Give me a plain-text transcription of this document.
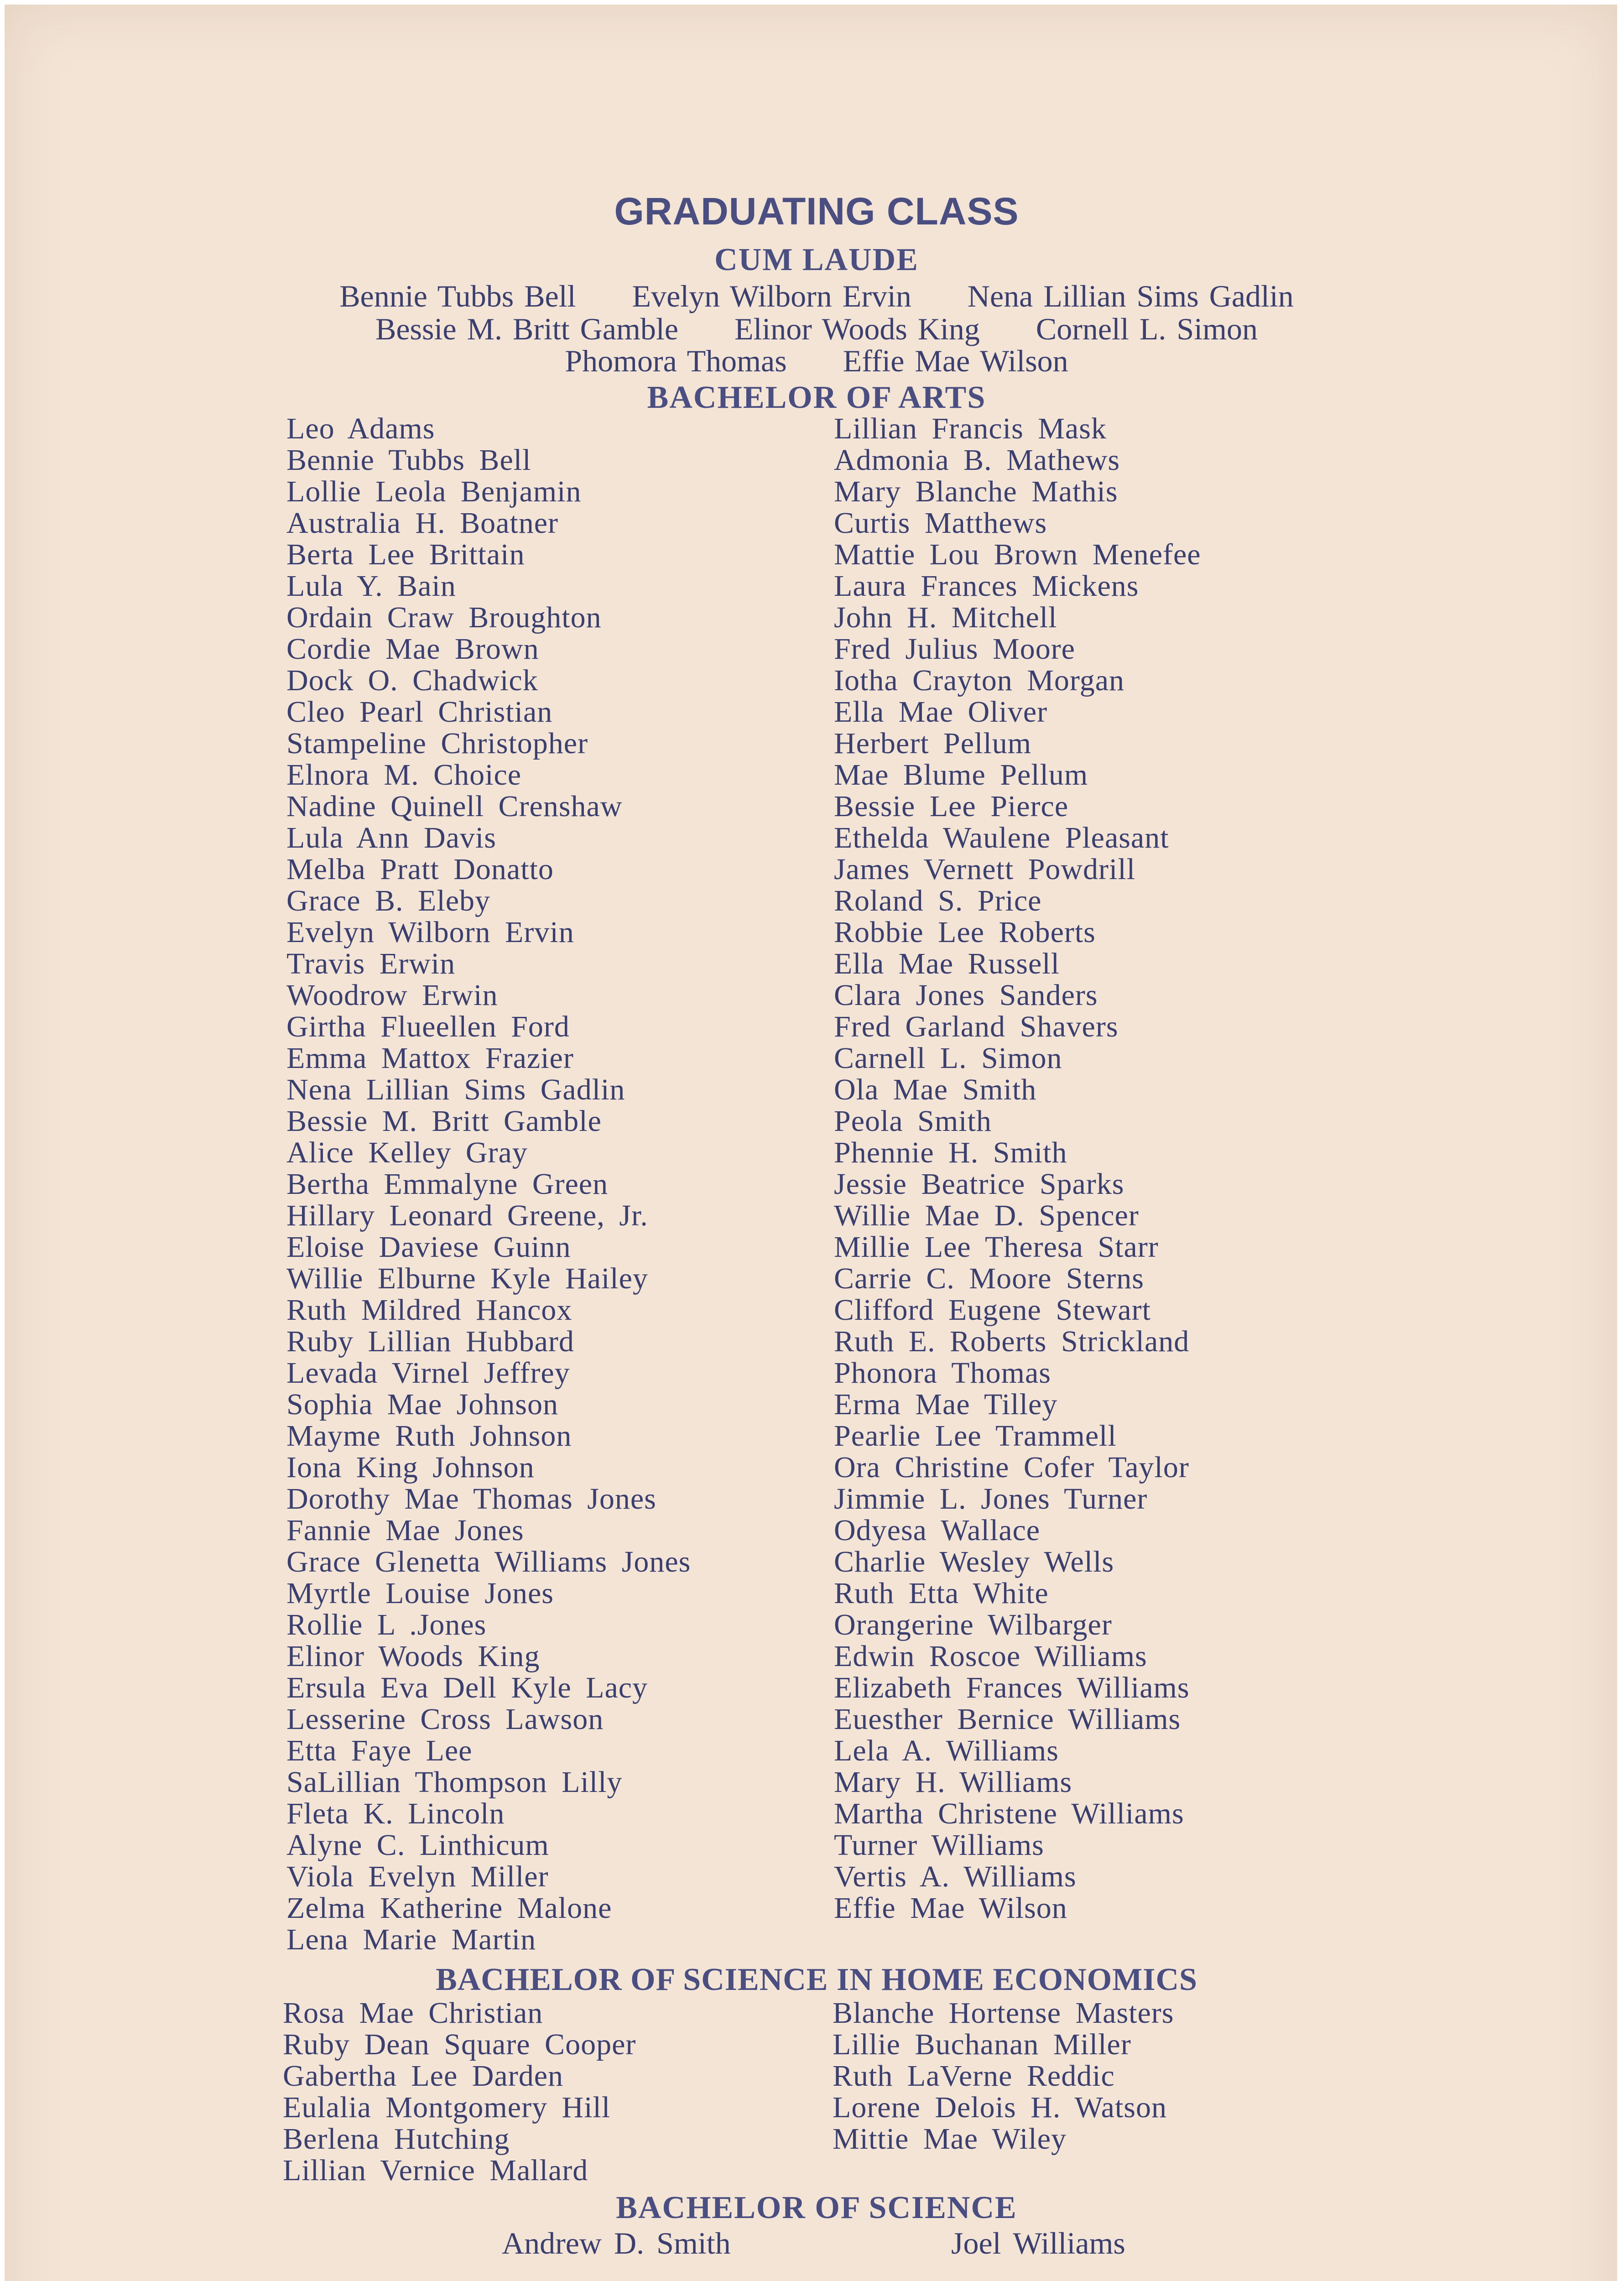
GRADUATING CLASS
CUM LAUDE
Bennie Tubbs Bell Evelyn Wilborn Ervin Nena Lillian Sims Gadlin
Bessie M. Britt Gamble Elinor Woods King Cornell L. Simon
Phomora Thomas Effie Mae Wilson
BACHELOR OF ARTS
Leo Adams
Bennie Tubbs Bell
Lollie Leola Benjamin
Australia H. Boatner
Berta Lee Brittain
Lula Y. Bain
Ordain Craw Broughton
Cordie Mae Brown
Dock O. Chadwick
Cleo Pearl Christian
Stampeline Christopher
Elnora M. Choice
Nadine Quinell Crenshaw
Lula Ann Davis
Melba Pratt Donatto
Grace B. Eleby
Evelyn Wilborn Ervin
Travis Erwin
Woodrow Erwin
Girtha Flueellen Ford
Emma Mattox Frazier
Nena Lillian Sims Gadlin
Bessie M. Britt Gamble
Alice Kelley Gray
Bertha Emmalyne Green
Hillary Leonard Greene, Jr.
Eloise Daviese Guinn
Willie Elburne Kyle Hailey
Ruth Mildred Hancox
Ruby Lillian Hubbard
Levada Virnel Jeffrey
Sophia Mae Johnson
Mayme Ruth Johnson
Iona King Johnson
Dorothy Mae Thomas Jones
Fannie Mae Jones
Grace Glenetta Williams Jones
Myrtle Louise Jones
Rollie L .Jones
Elinor Woods King
Ersula Eva Dell Kyle Lacy
Lesserine Cross Lawson
Etta Faye Lee
SaLillian Thompson Lilly
Fleta K. Lincoln
Alyne C. Linthicum
Viola Evelyn Miller
Zelma Katherine Malone
Lena Marie Martin
Lillian Francis Mask
Admonia B. Mathews
Mary Blanche Mathis
Curtis Matthews
Mattie Lou Brown Menefee
Laura Frances Mickens
John H. Mitchell
Fred Julius Moore
Iotha Crayton Morgan
Ella Mae Oliver
Herbert Pellum
Mae Blume Pellum
Bessie Lee Pierce
Ethelda Waulene Pleasant
James Vernett Powdrill
Roland S. Price
Robbie Lee Roberts
Ella Mae Russell
Clara Jones Sanders
Fred Garland Shavers
Carnell L. Simon
Ola Mae Smith
Peola Smith
Phennie H. Smith
Jessie Beatrice Sparks
Willie Mae D. Spencer
Millie Lee Theresa Starr
Carrie C. Moore Sterns
Clifford Eugene Stewart
Ruth E. Roberts Strickland
Phonora Thomas
Erma Mae Tilley
Pearlie Lee Trammell
Ora Christine Cofer Taylor
Jimmie L. Jones Turner
Odyesa Wallace
Charlie Wesley Wells
Ruth Etta White
Orangerine Wilbarger
Edwin Roscoe Williams
Elizabeth Frances Williams
Euesther Bernice Williams
Lela A. Williams
Mary H. Williams
Martha Christene Williams
Turner Williams
Vertis A. Williams
Effie Mae Wilson
BACHELOR OF SCIENCE IN HOME ECONOMICS
Rosa Mae Christian
Ruby Dean Square Cooper
Gabertha Lee Darden
Eulalia Montgomery Hill
Berlena Hutching
Lillian Vernice Mallard
Blanche Hortense Masters
Lillie Buchanan Miller
Ruth LaVerne Reddic
Lorene Delois H. Watson
Mittie Mae Wiley
BACHELOR OF SCIENCE
Andrew D. Smith	Joel Williams
